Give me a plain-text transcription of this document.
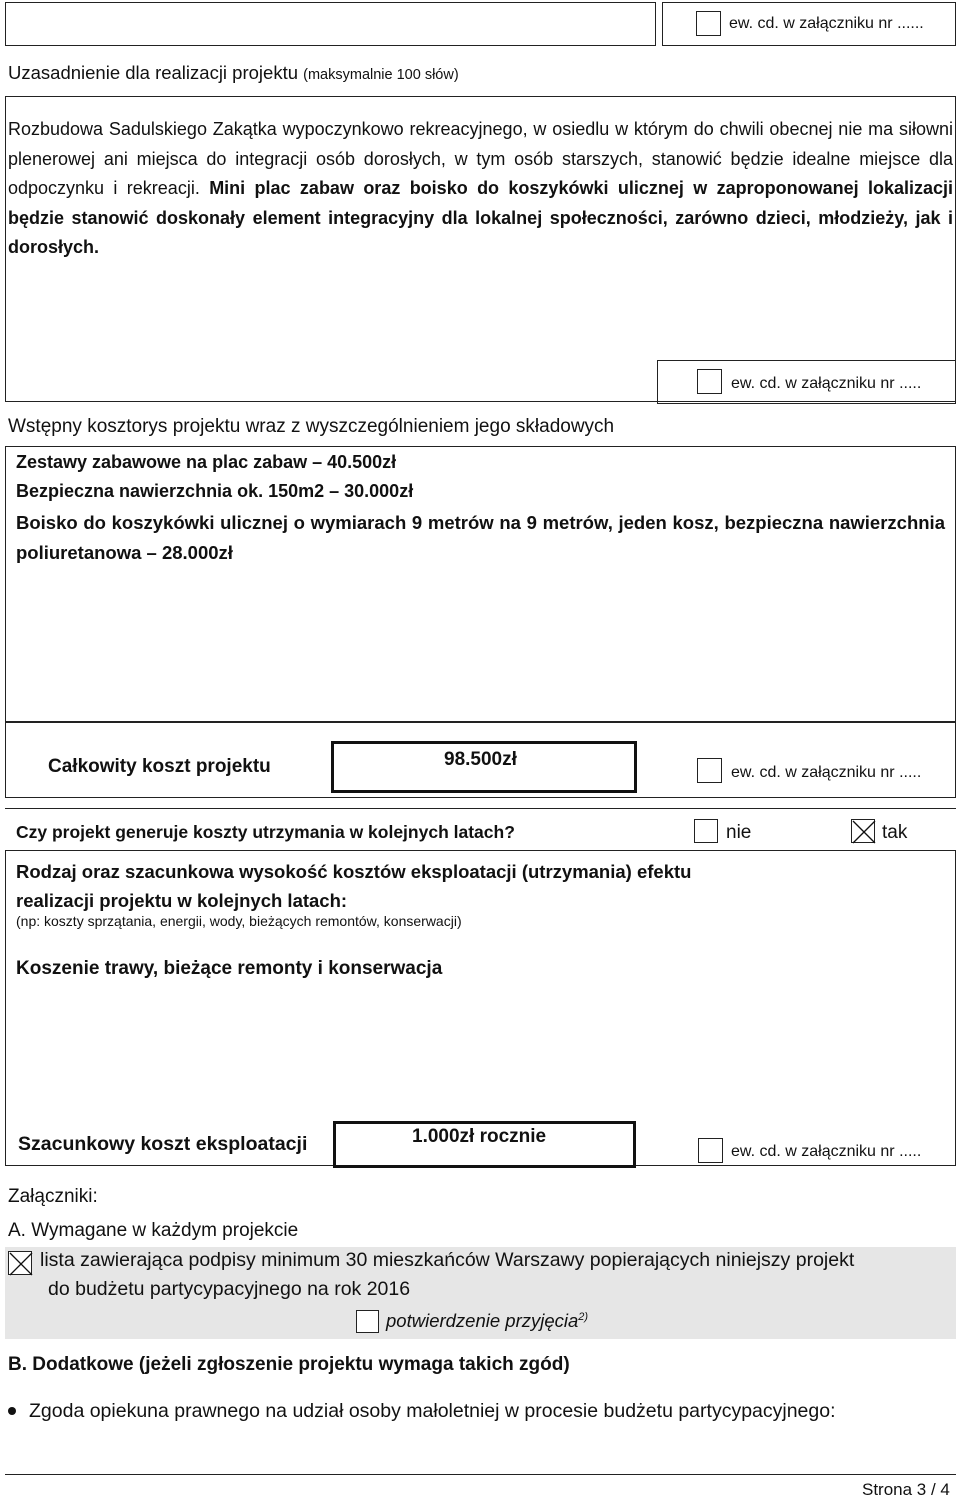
ew. cd. w załączniku nr ......
Uzasadnienie dla realizacji projektu (maksymalnie 100 słów)
Rozbudowa Sadulskiego Zakątka wypoczynkowo rekreacyjnego, w osiedlu w którym do chwili obecnej nie ma siłowni plenerowej ani miejsca do integracji osób dorosłych, w tym osób starszych, stanowić będzie idealne miejsce dla odpoczynku i rekreacji. Mini plac zabaw oraz boisko do koszykówki ulicznej w zaproponowanej lokalizacji będzie stanowić doskonały element integracyjny dla lokalnej społeczności, zarówno dzieci, młodzieży, jak i dorosłych.
ew. cd. w załączniku nr .....
Wstępny kosztorys projektu wraz z wyszczególnieniem jego składowych
Zestawy zabawowe na plac zabaw – 40.500zł
Bezpieczna nawierzchnia ok. 150m2 – 30.000zł
Boisko do koszykówki ulicznej o wymiarach 9 metrów na 9 metrów, jeden kosz, bezpieczna nawierzchnia poliuretanowa – 28.000zł
Całkowity koszt projektu	98.500zł
ew. cd. w załączniku nr .....
Czy projekt generuje koszty utrzymania w kolejnych latach?	nie	tak
Rodzaj oraz szacunkowa wysokość kosztów eksploatacji (utrzymania) efektu realizacji projektu w kolejnych latach:
(np: koszty sprzątania, energii, wody, bieżących remontów, konserwacji)
Koszenie trawy, bieżące remonty i konserwacja
Szacunkowy koszt eksploatacji	1.000zł rocznie
ew. cd. w załączniku nr .....
Załączniki:
A. Wymagane w każdym projekcie
lista zawierająca podpisy minimum 30 mieszkańców Warszawy popierających niniejszy projekt
do budżetu partycypacyjnego na rok 2016
potwierdzenie przyjęcia$^{2)}$
B. Dodatkowe (jeżeli zgłoszenie projektu wymaga takich zgód)
Zgoda opiekuna prawnego na udział osoby małoletniej w procesie budżetu partycypacyjnego:
Strona 3 / 4
